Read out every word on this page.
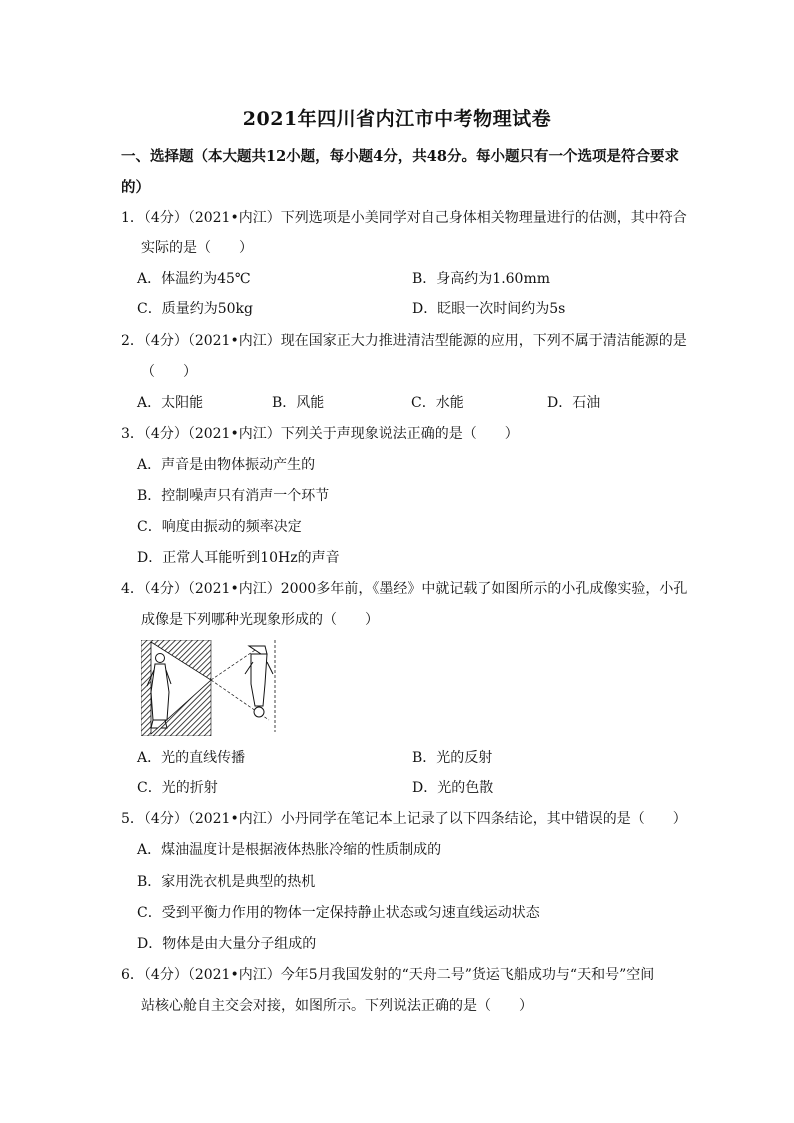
2021年四川省内江市中考物理试卷
一、选择题（本大题共12小题，每小题4分，共48分。每小题只有一个选项是符合要求
的）
1．（4分）（2021•内江）下列选项是小美同学对自己身体相关物理量进行的估测，其中符合
实际的是（　　）
A．体温约为45℃	B．身高约为1.60mm
C．质量约为50kg	D．眨眼一次时间约为5s
2．（4分）（2021•内江）现在国家正大力推进清洁型能源的应用，下列不属于清洁能源的是
（　　）
A．太阳能	B．风能	C．水能	D．石油
3．（4分）（2021•内江）下列关于声现象说法正确的是（　　）
A．声音是由物体振动产生的
B．控制噪声只有消声一个环节
C．响度由振动的频率决定
D．正常人耳能听到10Hz的声音
4．（4分）（2021•内江）2000多年前，《墨经》中就记载了如图所示的小孔成像实验，小孔
成像是下列哪种光现象形成的（　　）
A．光的直线传播	B．光的反射
C．光的折射	D．光的色散
5．（4分）（2021•内江）小丹同学在笔记本上记录了以下四条结论，其中错误的是（　　）
A．煤油温度计是根据液体热胀冷缩的性质制成的
B．家用洗衣机是典型的热机
C．受到平衡力作用的物体一定保持静止状态或匀速直线运动状态
D．物体是由大量分子组成的
6．（4分）（2021•内江）今年5月我国发射的“天舟二号”货运飞船成功与“天和号”空间
站核心舱自主交会对接，如图所示。下列说法正确的是（　　）
